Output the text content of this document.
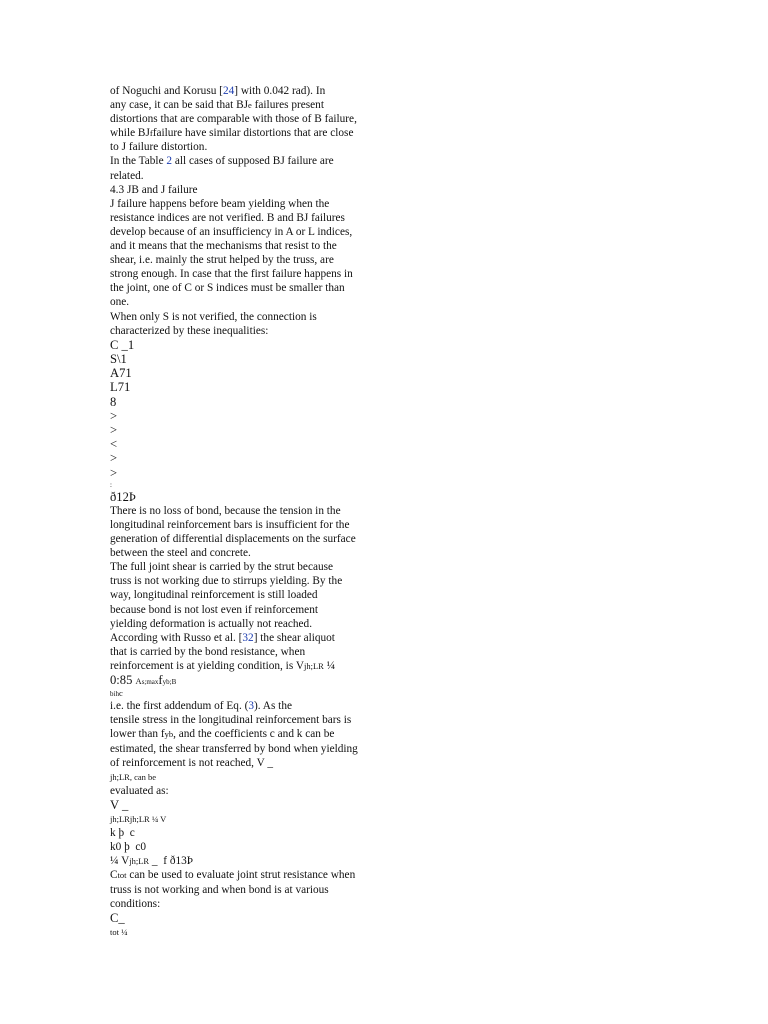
of Noguchi and Korusu [24] with 0.042 rad). In
any case, it can be said that BJe failures present
distortions that are comparable with those of B failure,
while BJffailure have similar distortions that are close
to J failure distortion.
In the Table 2 all cases of supposed BJ failure are
related.
4.3 JB and J failure
J failure happens before beam yielding when the
resistance indices are not verified. B and BJ failures
develop because of an insufficiency in A or L indices,
and it means that the mechanisms that resist to the
shear, i.e. mainly the strut helped by the truss, are
strong enough. In case that the first failure happens in
the joint, one of C or S indices must be smaller than
one.
When only S is not verified, the connection is
characterized by these inequalities:
C _1
S\1
A71
L71
8
>
>
<
>
>
:
ð12Þ
There is no loss of bond, because the tension in the
longitudinal reinforcement bars is insufficient for the
generation of differential displacements on the surface
between the steel and concrete.
The full joint shear is carried by the strut because
truss is not working due to stirrups yielding. By the
way, longitudinal reinforcement is still loaded
because bond is not lost even if reinforcement
yielding deformation is actually not reached.
According with Russo et al. [32] the shear aliquot
that is carried by the bond resistance, when
reinforcement is at yielding condition, is Vjh;LR ¼
0:85 As;maxfyb;B
bihc
i.e. the first addendum of Eq. (3). As the
tensile stress in the longitudinal reinforcement bars is
lower than fyb, and the coefficients c and k can be
estimated, the shear transferred by bond when yielding
of reinforcement is not reached, V _
jh;LR, can be
evaluated as:
V _
jh;LRjh;LR ¼ V
k þ  c
k0 þ  c0
¼ Vjh;LR _  f ð13Þ
Ctot can be used to evaluate joint strut resistance when
truss is not working and when bond is at various
conditions:
C_
tot ¼
